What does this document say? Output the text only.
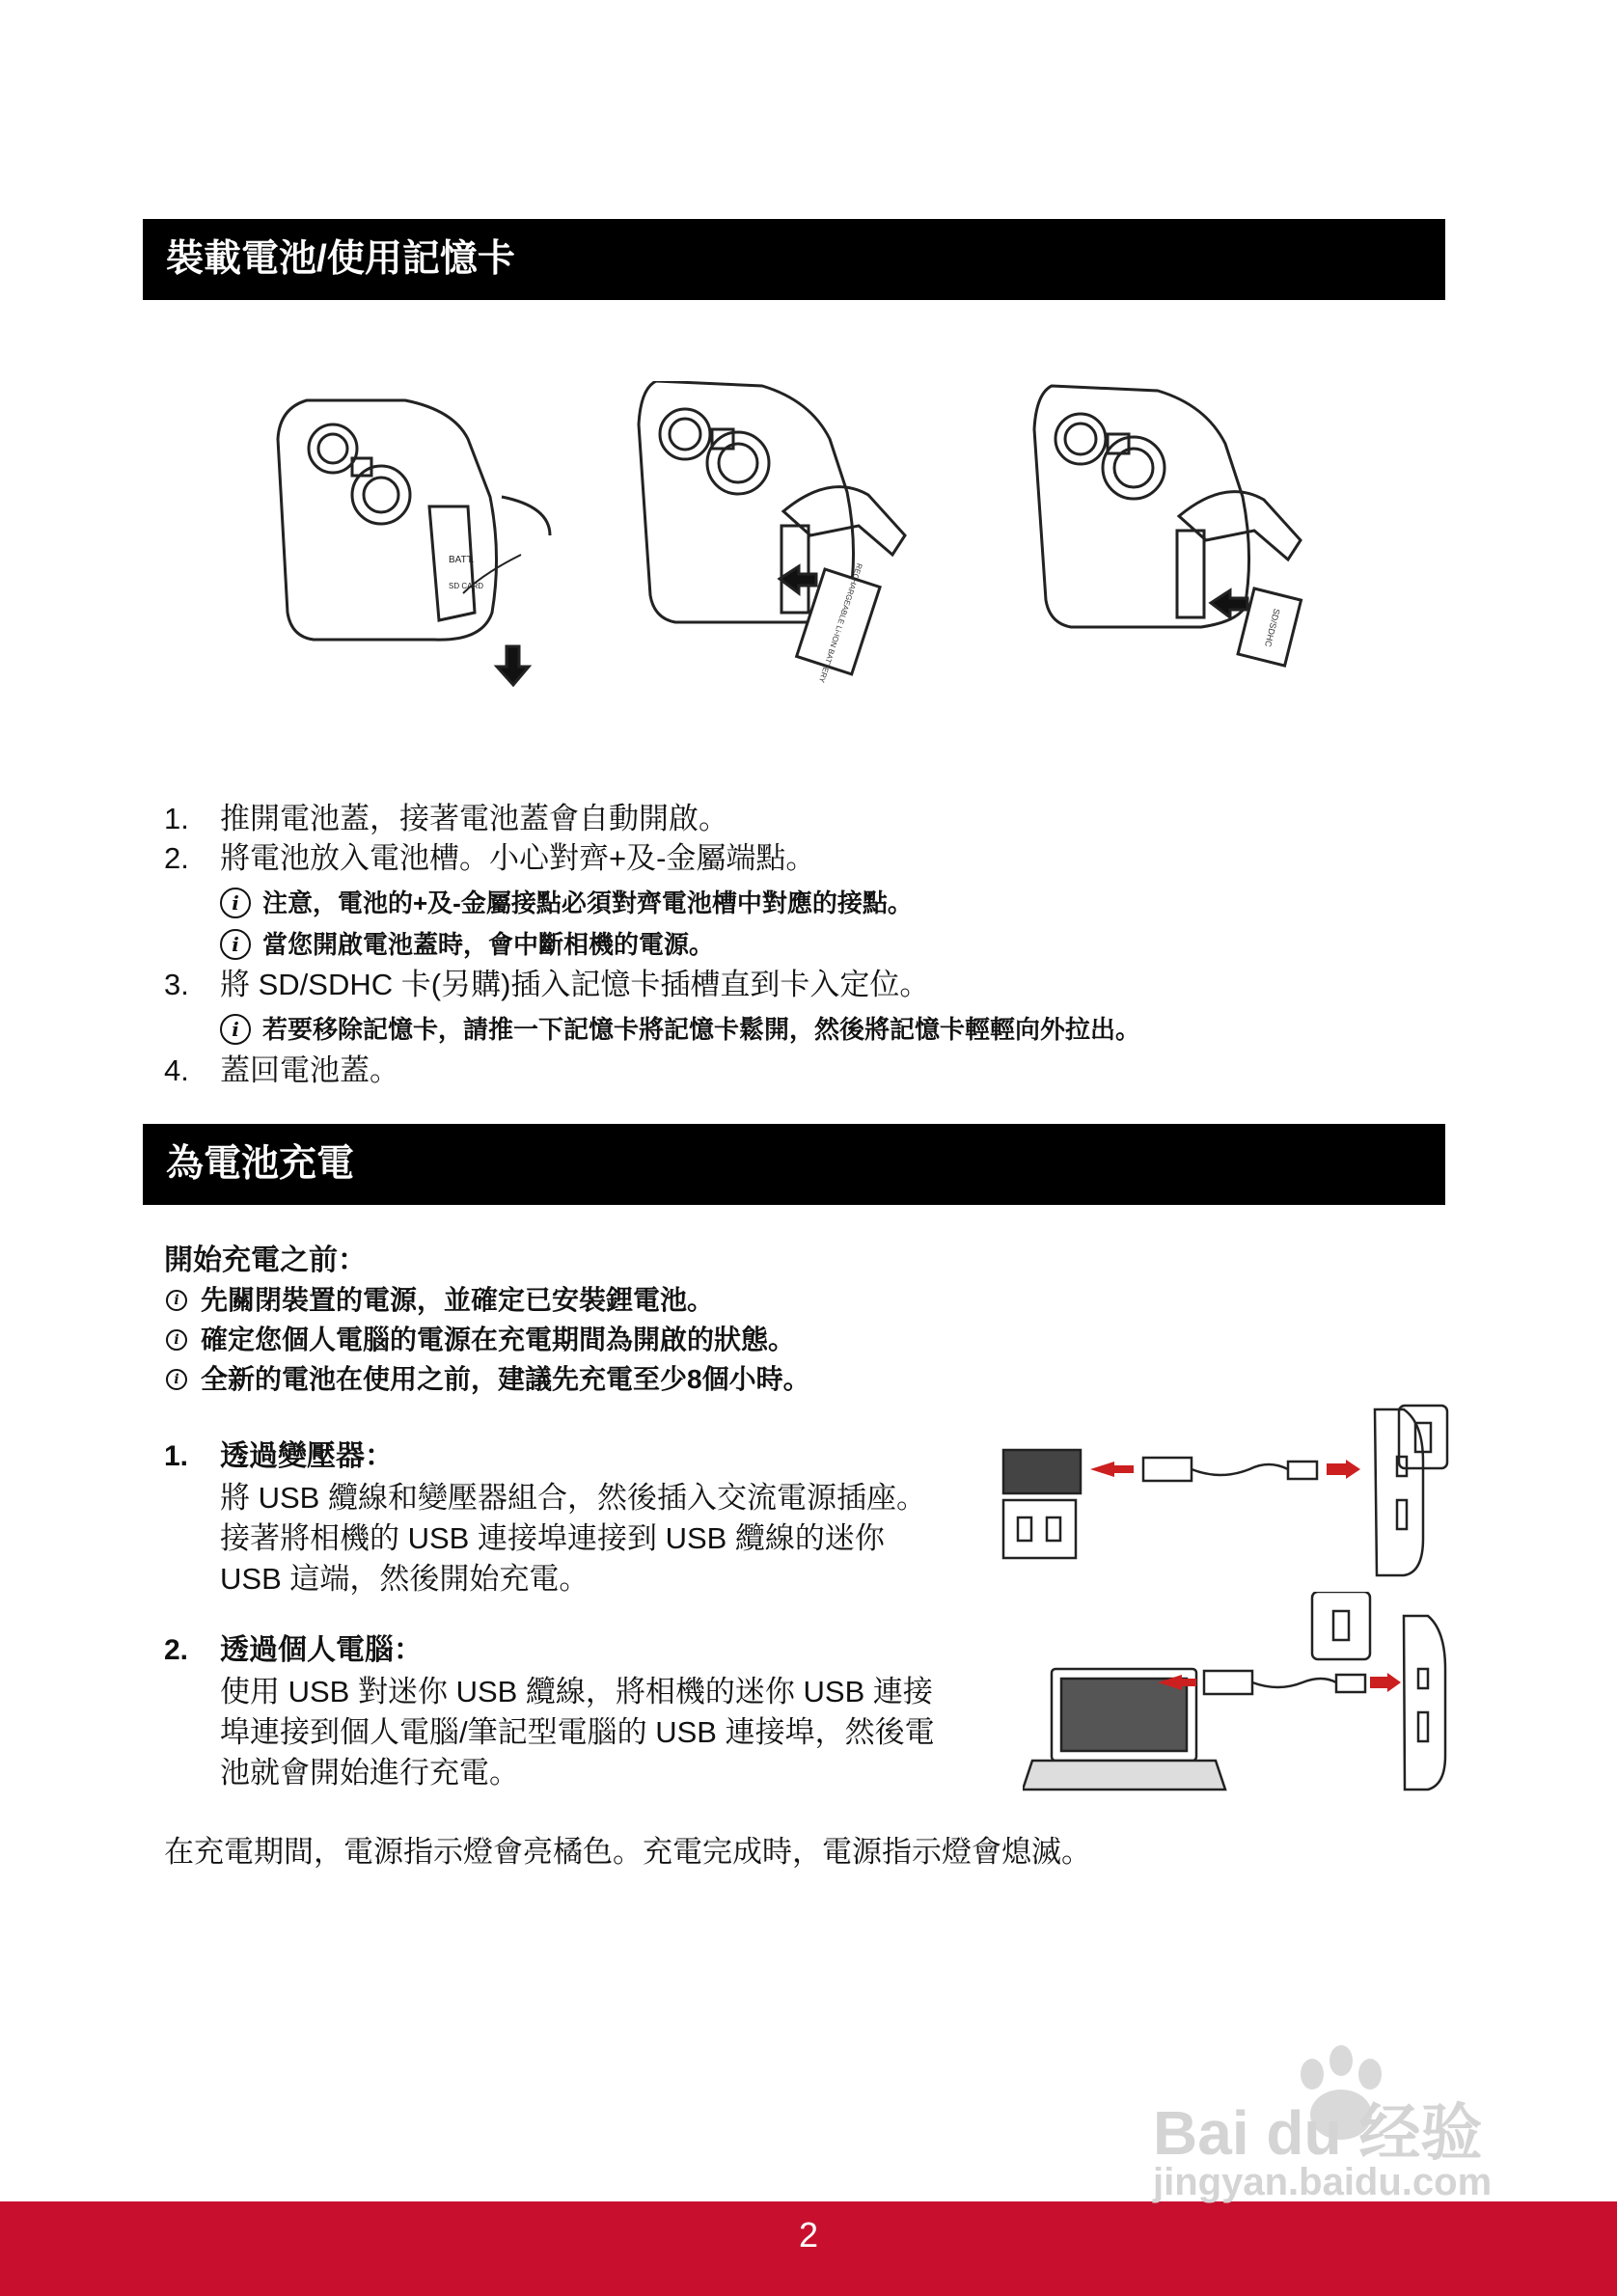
裝載電池/使用記憶卡
RECHARGEABLE Li-ION BATTERY	SD/SDHC
BATT.
SD CARD
1. 推開電池蓋，接著電池蓋會自動開啟。
2. 將電池放入電池槽。小心對齊+及-金屬端點。
i 注意，電池的+及-金屬接點必須對齊電池槽中對應的接點。
i 當您開啟電池蓋時，會中斷相機的電源。
3. 將 SD/SDHC 卡(另購)插入記憶卡插槽直到卡入定位。
i 若要移除記憶卡，請推一下記憶卡將記憶卡鬆開，然後將記憶卡輕輕向外拉出。
4. 蓋回電池蓋。
為電池充電
開始充電之前：
i 先關閉裝置的電源，並確定已安裝鋰電池。
i 確定您個人電腦的電源在充電期間為開啟的狀態。
i 全新的電池在使用之前，建議先充電至少8個小時。
1. 透過變壓器：
將 USB 纜線和變壓器組合，然後插入交流電源插座。
接著將相機的 USB 連接埠連接到 USB 纜線的迷你
USB 這端，然後開始充電。
2. 透過個人電腦：
使用 USB 對迷你 USB 纜線，將相機的迷你 USB 連接
埠連接到個人電腦/筆記型電腦的 USB 連接埠，然後電
池就會開始進行充電。
在充電期間，電源指示燈會亮橘色。充電完成時，電源指示燈會熄滅。
2
Bai du 经验
jingyan.baidu.com
